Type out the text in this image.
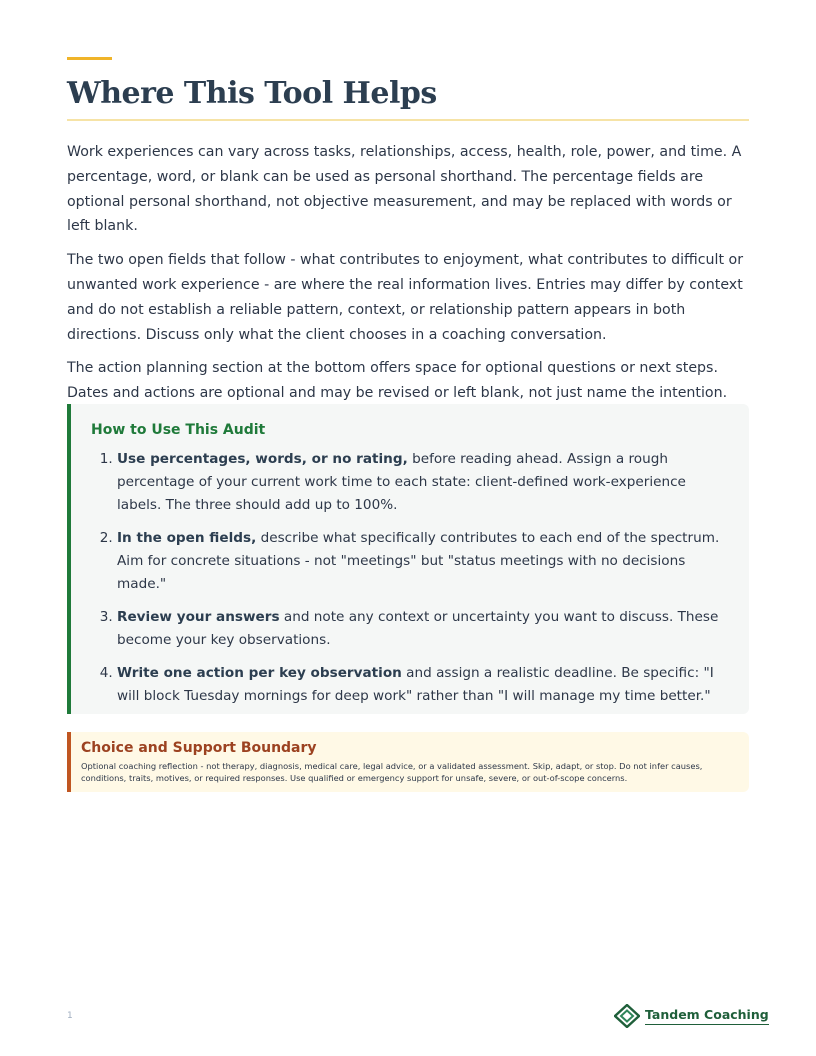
Where This Tool Helps

Work experiences can vary across tasks, relationships, access, health, role, power, and time. A percentage, word, or blank can be used as personal shorthand. The percentage fields are optional personal shorthand, not objective measurement, and may be replaced with words or left blank.

The two open fields that follow - what contributes to enjoyment, what contributes to difficult or unwanted work experience - are where the real information lives. Entries may differ by context and do not establish a reliable pattern, context, or relationship pattern appears in both directions. Discuss only what the client chooses in a coaching conversation.

The action planning section at the bottom offers space for optional questions or next steps. Dates and actions are optional and may be revised or left blank, not just name the intention.

How to Use This Audit
1. Use percentages, words, or no rating, before reading ahead. Assign a rough percentage of your current work time to each state: client-defined work-experience labels. The three should add up to 100%.
2. In the open fields, describe what specifically contributes to each end of the spectrum. Aim for concrete situations - not "meetings" but "status meetings with no decisions made."
3. Review your answers and note any context or uncertainty you want to discuss. These become your key observations.
4. Write one action per key observation and assign a realistic deadline. Be specific: "I will block Tuesday mornings for deep work" rather than "I will manage my time better."
Choice and Support Boundary

Optional coaching reflection - not therapy, diagnosis, medical care, legal advice, or a validated assessment. Skip, adapt, or stop. Do not infer causes, conditions, traits, motives, or required responses. Use qualified or emergency support for unsafe, severe, or out-of-scope concerns.

1	Tandem Coaching
